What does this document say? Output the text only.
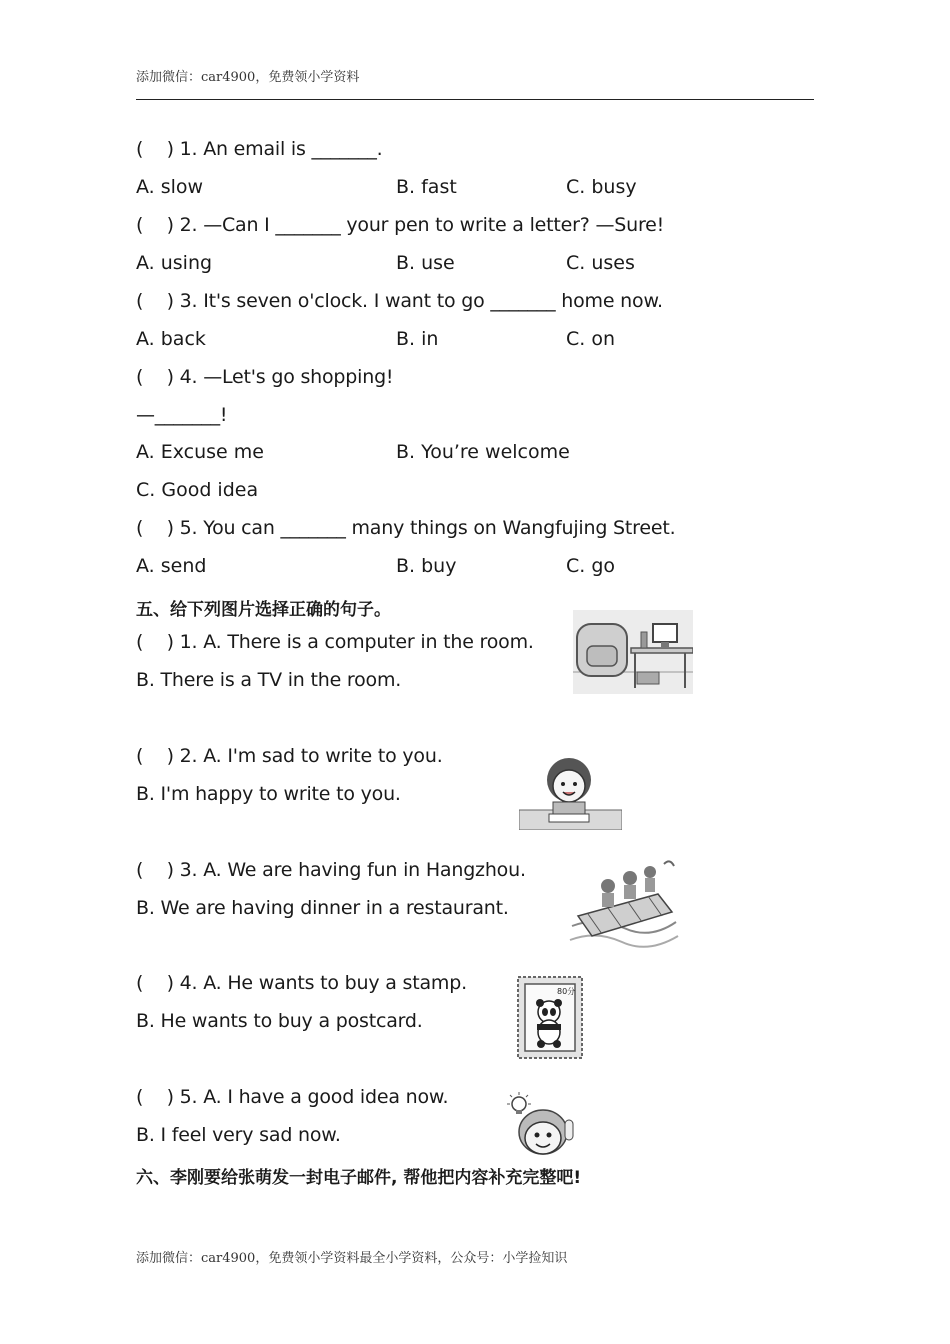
添加微信：car4900，免费领小学资料
(    ) 1. An email is _______.
A. slow	B. fast	C. busy
(    ) 2. —Can I _______ your pen to write a letter? —Sure!
A. using	B. use	C. uses
(    ) 3. It's seven o'clock. I want to go _______ home now.
A. back	B. in	C. on
(    ) 4. —Let's go shopping!
—_______!
A. Excuse me	B. You’re welcome
C. Good idea
(    ) 5. You can _______ many things on Wangfujing Street.
A. send	B. buy	C. go
五、给下列图片选择正确的句子。
(    ) 1. A. There is a computer in the room.
B. There is a TV in the room.
(    ) 2. A. I'm sad to write to you.
B. I'm happy to write to you.
(    ) 3. A. We are having fun in Hangzhou.
B. We are having dinner in a restaurant.
(    ) 4. A. He wants to buy a stamp.
B. He wants to buy a postcard.
80分
(    ) 5. A. I have a good idea now.
B. I feel very sad now.
六、李刚要给张萌发一封电子邮件, 帮他把内容补充完整吧!
添加微信：car4900，免费领小学资料最全小学资料，公众号：小学捡知识
